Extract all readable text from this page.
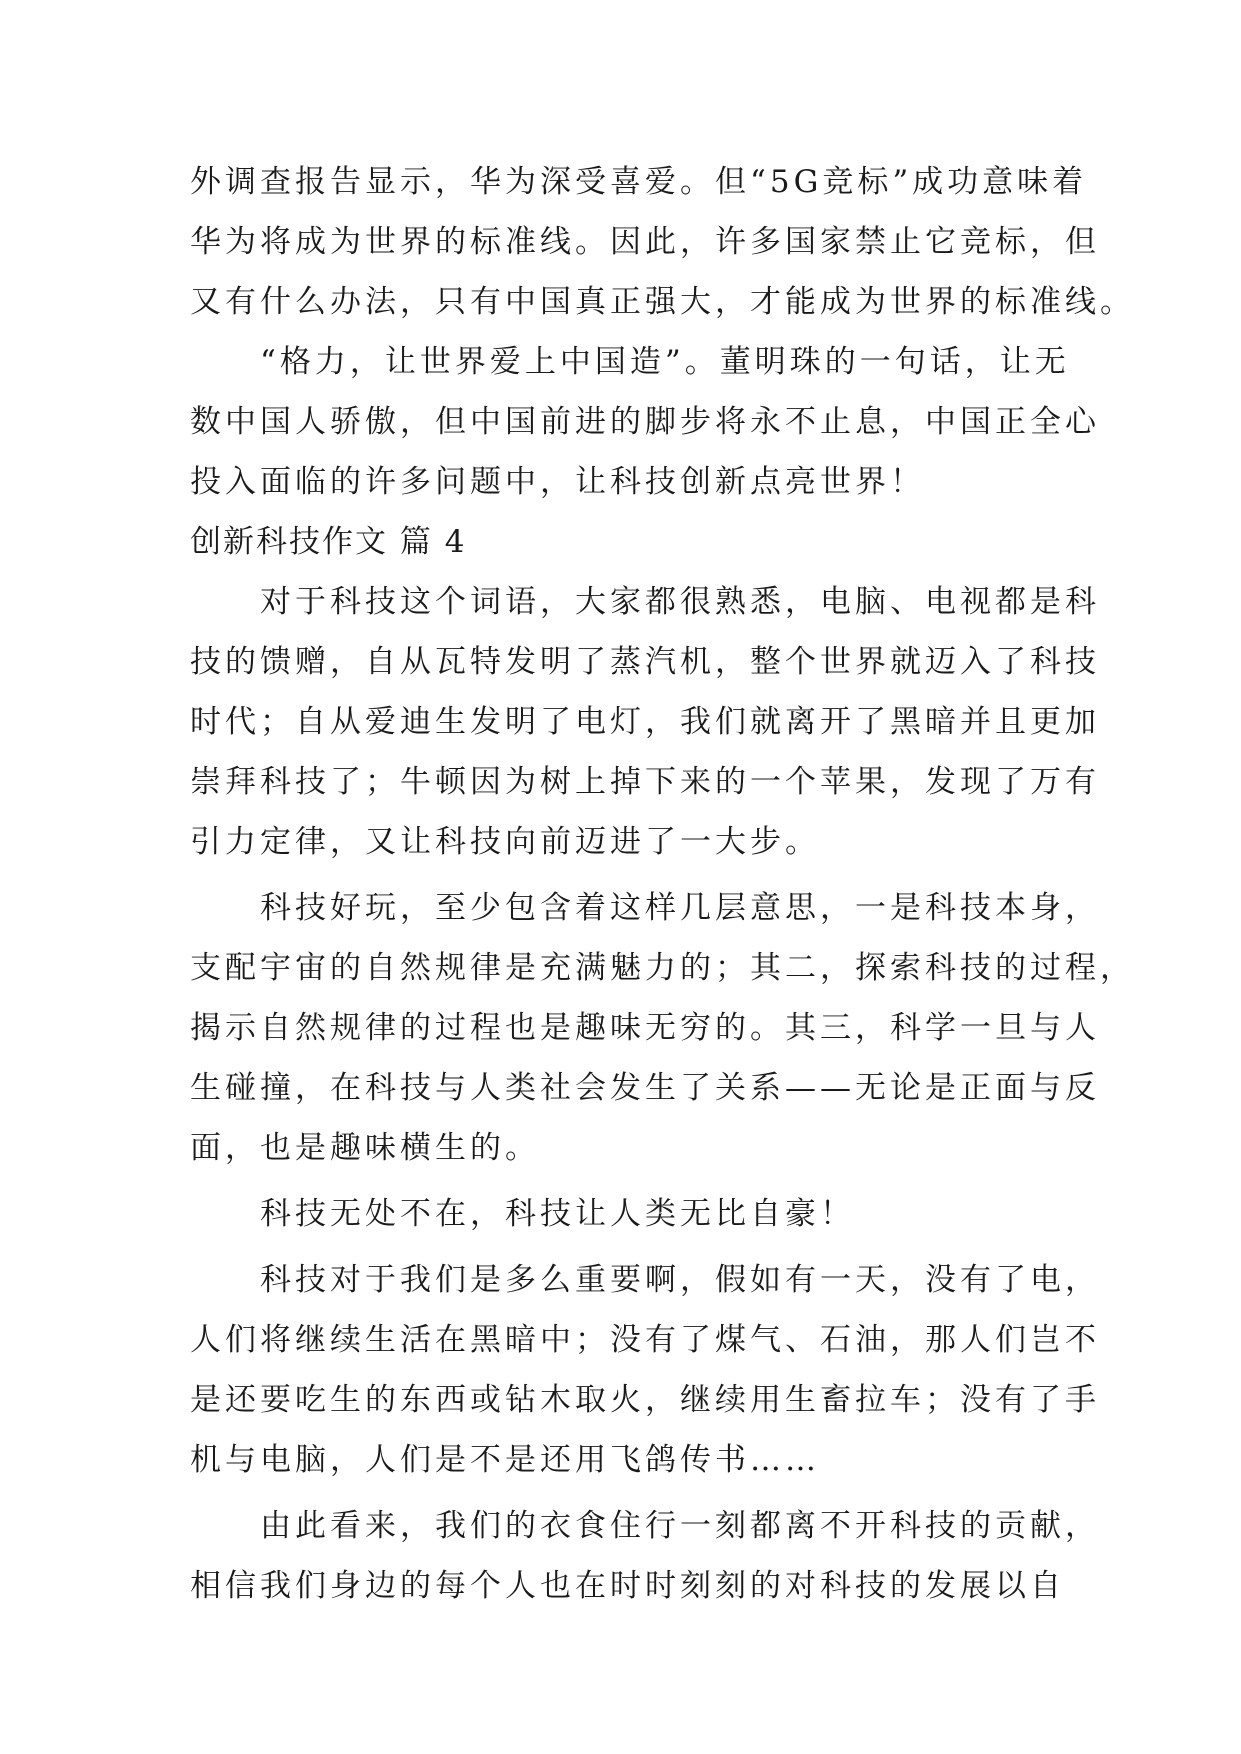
外调查报告显示，华为深受喜爱。但“5G竞标”成功意味着
华为将成为世界的标准线。因此，许多国家禁止它竞标，但
又有什么办法，只有中国真正强大，才能成为世界的标准线。
“格力，让世界爱上中国造”。董明珠的一句话，让无
数中国人骄傲，但中国前进的脚步将永不止息，中国正全心
投入面临的许多问题中，让科技创新点亮世界！
创新科技作文 篇 4
对于科技这个词语，大家都很熟悉，电脑、电视都是科
技的馈赠，自从瓦特发明了蒸汽机，整个世界就迈入了科技
时代；自从爱迪生发明了电灯，我们就离开了黑暗并且更加
崇拜科技了；牛顿因为树上掉下来的一个苹果，发现了万有
引力定律，又让科技向前迈进了一大步。
科技好玩，至少包含着这样几层意思，一是科技本身，
支配宇宙的自然规律是充满魅力的；其二，探索科技的过程，
揭示自然规律的过程也是趣味无穷的。其三，科学一旦与人
生碰撞，在科技与人类社会发生了关系——无论是正面与反
面，也是趣味横生的。
科技无处不在，科技让人类无比自豪！
科技对于我们是多么重要啊，假如有一天，没有了电，
人们将继续生活在黑暗中；没有了煤气、石油，那人们岂不
是还要吃生的东西或钻木取火，继续用生畜拉车；没有了手
机与电脑，人们是不是还用飞鸽传书……
由此看来，我们的衣食住行一刻都离不开科技的贡献，
相信我们身边的每个人也在时时刻刻的对科技的发展以自
